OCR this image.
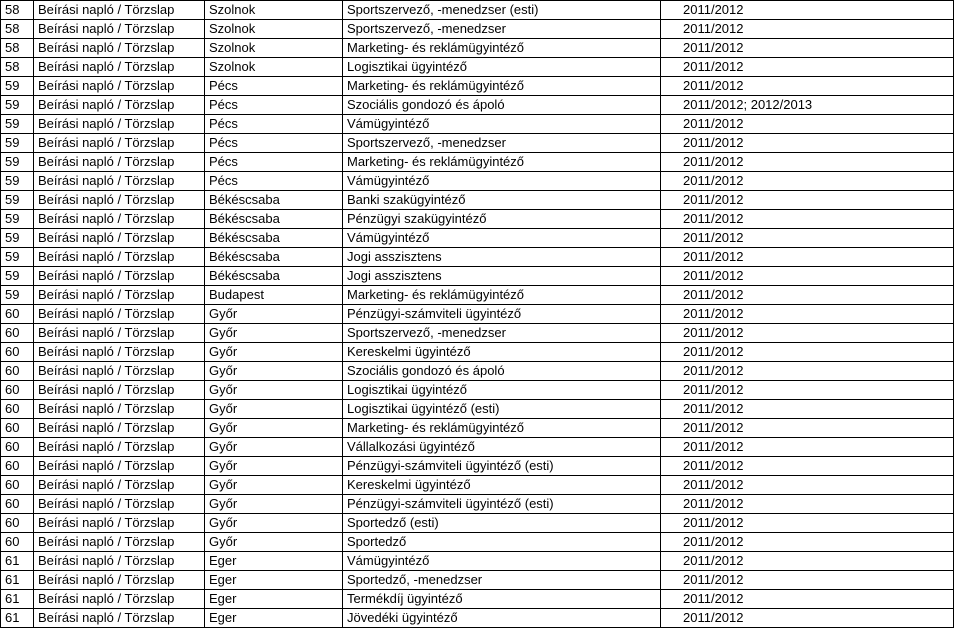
58	Beírási napló / Törzslap	Szolnok	Sportszervező, -menedzser (esti)	2011/2012
58	Beírási napló / Törzslap	Szolnok	Sportszervező, -menedzser	2011/2012
58	Beírási napló / Törzslap	Szolnok	Marketing- és reklámügyintéző	2011/2012
58	Beírási napló / Törzslap	Szolnok	Logisztikai ügyintéző	2011/2012
59	Beírási napló / Törzslap	Pécs	Marketing- és reklámügyintéző	2011/2012
59	Beírási napló / Törzslap	Pécs	Szociális gondozó és ápoló	2011/2012; 2012/2013
59	Beírási napló / Törzslap	Pécs	Vámügyintéző	2011/2012
59	Beírási napló / Törzslap	Pécs	Sportszervező, -menedzser	2011/2012
59	Beírási napló / Törzslap	Pécs	Marketing- és reklámügyintéző	2011/2012
59	Beírási napló / Törzslap	Pécs	Vámügyintéző	2011/2012
59	Beírási napló / Törzslap	Békéscsaba	Banki szakügyintéző	2011/2012
59	Beírási napló / Törzslap	Békéscsaba	Pénzügyi szakügyintéző	2011/2012
59	Beírási napló / Törzslap	Békéscsaba	Vámügyintéző	2011/2012
59	Beírási napló / Törzslap	Békéscsaba	Jogi asszisztens	2011/2012
59	Beírási napló / Törzslap	Békéscsaba	Jogi asszisztens	2011/2012
59	Beírási napló / Törzslap	Budapest	Marketing- és reklámügyintéző	2011/2012
60	Beírási napló / Törzslap	Győr	Pénzügyi-számviteli ügyintéző	2011/2012
60	Beírási napló / Törzslap	Győr	Sportszervező, -menedzser	2011/2012
60	Beírási napló / Törzslap	Győr	Kereskelmi ügyintéző	2011/2012
60	Beírási napló / Törzslap	Győr	Szociális gondozó és ápoló	2011/2012
60	Beírási napló / Törzslap	Győr	Logisztikai ügyintéző	2011/2012
60	Beírási napló / Törzslap	Győr	Logisztikai ügyintéző (esti)	2011/2012
60	Beírási napló / Törzslap	Győr	Marketing- és reklámügyintéző	2011/2012
60	Beírási napló / Törzslap	Győr	Vállalkozási ügyintéző	2011/2012
60	Beírási napló / Törzslap	Győr	Pénzügyi-számviteli ügyintéző (esti)	2011/2012
60	Beírási napló / Törzslap	Győr	Kereskelmi ügyintéző	2011/2012
60	Beírási napló / Törzslap	Győr	Pénzügyi-számviteli ügyintéző (esti)	2011/2012
60	Beírási napló / Törzslap	Győr	Sportedző (esti)	2011/2012
60	Beírási napló / Törzslap	Győr	Sportedző	2011/2012
61	Beírási napló / Törzslap	Eger	Vámügyintéző	2011/2012
61	Beírási napló / Törzslap	Eger	Sportedző, -menedzser	2011/2012
61	Beírási napló / Törzslap	Eger	Termékdíj ügyintéző	2011/2012
61	Beírási napló / Törzslap	Eger	Jövedéki ügyintéző	2011/2012
